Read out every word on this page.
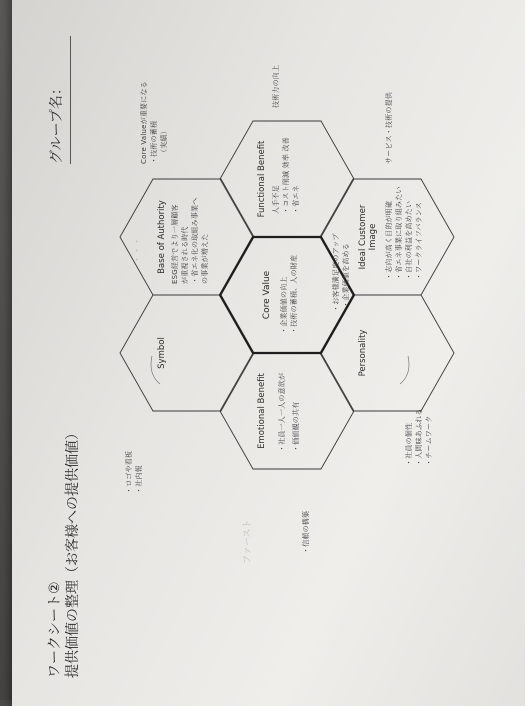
ファースト
・・・
ワークシート② 提供価値の整理（お客様への提供価値）
グループ名：
Symbol
Base of Authority
Emotional Benefit
Core Value
Functional Benefit
Personality
Ideal Customer Image
・企業価値の向上 ・技術の蓄積、人の財産
ESG経営でより一層顧客 が重視される時代 ・省エネ化の取組み事業へ の事業が増えた
人手不足 ・コスト削減 効率 改善 ・省エネ
・志向が高く目的が明確 ・省エネ事業に取り組みたい ・自社の利益を高めたい ・ワークライフバランス
・社員一人一人の意欲が ・価値観の共有
Core Valueが重要になる ・技術の蓄積 （実績）
技術力の向上
サービス・技術の提供
・お客様満足度のアップ ・企業価値を高める
・社員の個性 ・人間味あふれる ・チームワーク
・信頼の構築
・ロゴや看板 ・社内報
